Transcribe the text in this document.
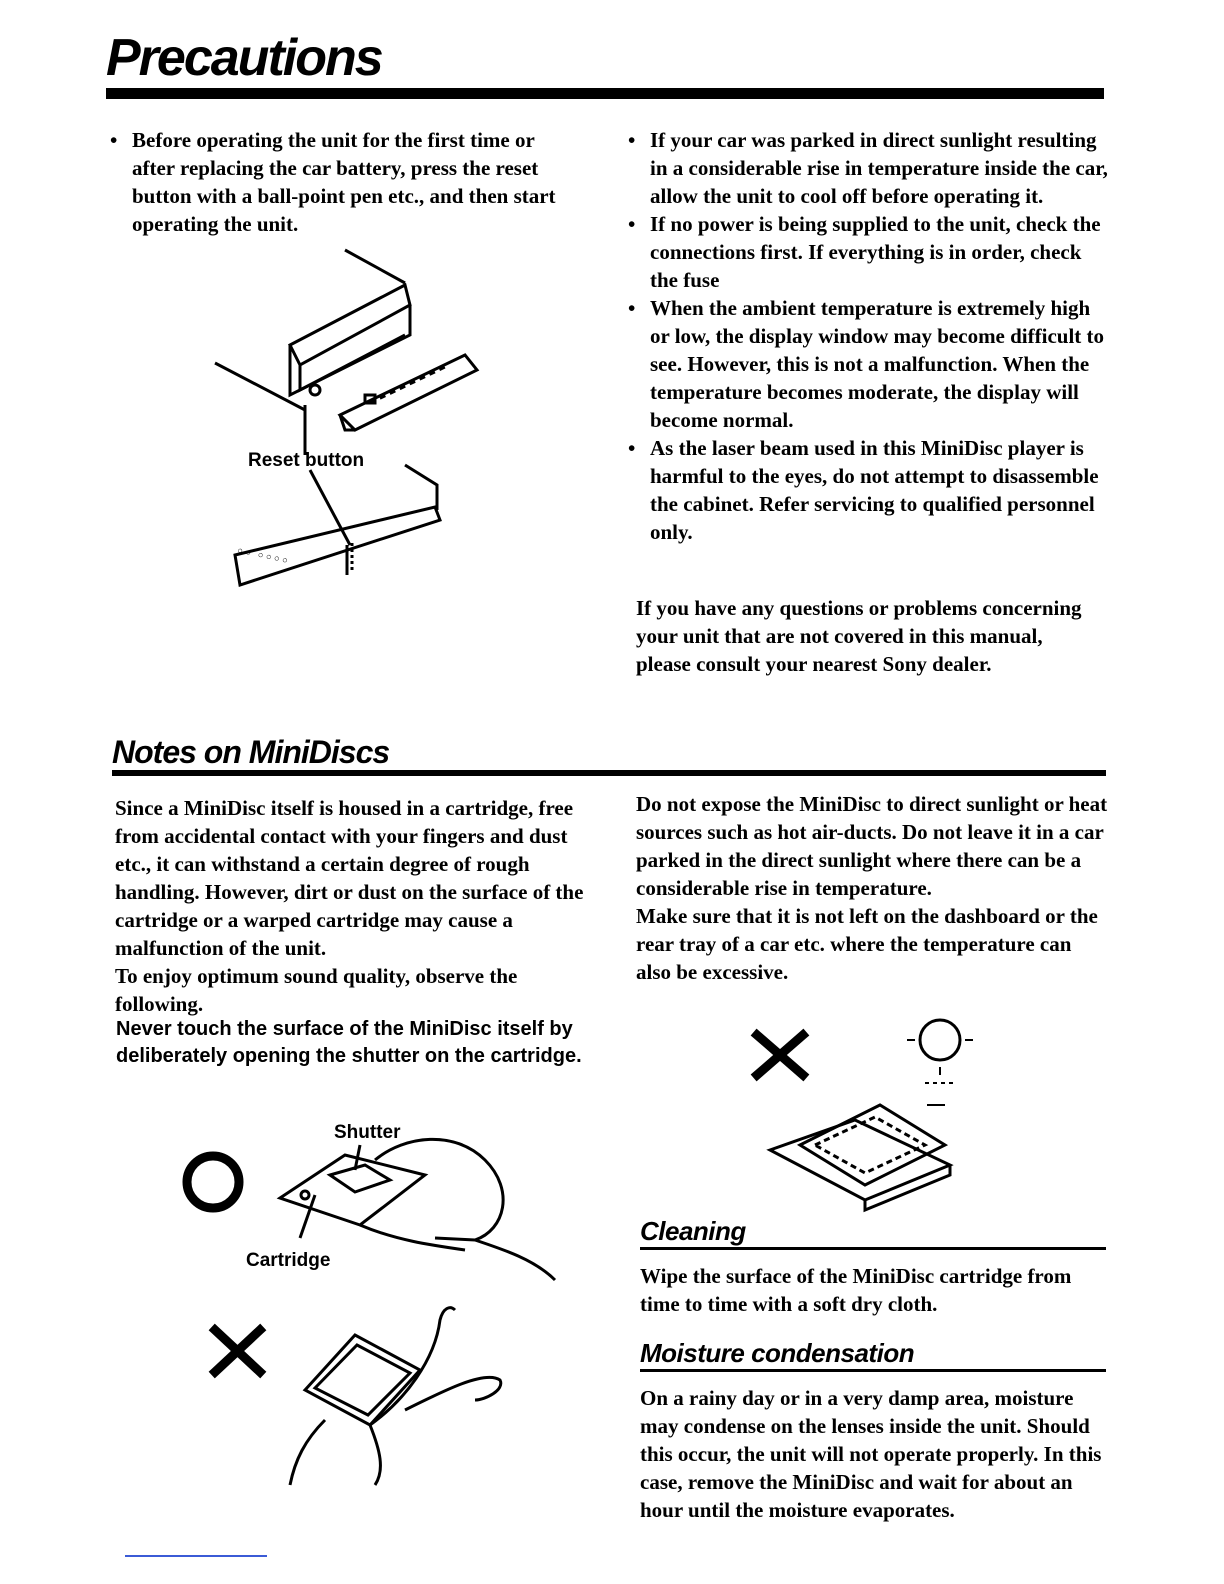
Precautions
• Before operating the unit for the first time or after replacing the car battery, press the reset button with a ball-point pen etc., and then start operating the unit.
◦◦ ◦◦◦◦
Reset button
• If your car was parked in direct sunlight resulting in a considerable rise in temperature inside the car, allow the unit to cool off before operating it.
• If no power is being supplied to the unit, check the connections first. If everything is in order, check the fuse
• When the ambient temperature is extremely high or low, the display window may become difficult to see. However, this is not a malfunction. When the temperature becomes moderate, the display will become normal.
• As the laser beam used in this MiniDisc player is harmful to the eyes, do not attempt to disassemble the cabinet. Refer servicing to qualified personnel only.

If you have any questions or problems concerning your unit that are not covered in this manual, please consult your nearest Sony dealer.

Notes on MiniDiscs

Since a MiniDisc itself is housed in a cartridge, free from accidental contact with your fingers and dust etc., it can withstand a certain degree of rough handling. However, dirt or dust on the surface of the cartridge or a warped cartridge may cause a malfunction of the unit.

To enjoy optimum sound quality, observe the following.

Never touch the surface of the MiniDisc itself by deliberately opening the shutter on the cartridge.

Do not expose the MiniDisc to direct sunlight or heat sources such as hot air-ducts. Do not leave it in a car parked in the direct sunlight where there can be a considerable rise in temperature.

Make sure that it is not left on the dashboard or the rear tray of a car etc. where the temperature can also be excessive.

Shutter
Cartridge
Cleaning
Wipe the surface of the MiniDisc cartridge from time to time with a soft dry cloth.
Moisture condensation
On a rainy day or in a very damp area, moisture may condense on the lenses inside the unit. Should this occur, the unit will not operate properly. In this case, remove the MiniDisc and wait for about an hour until the moisture evaporates.
